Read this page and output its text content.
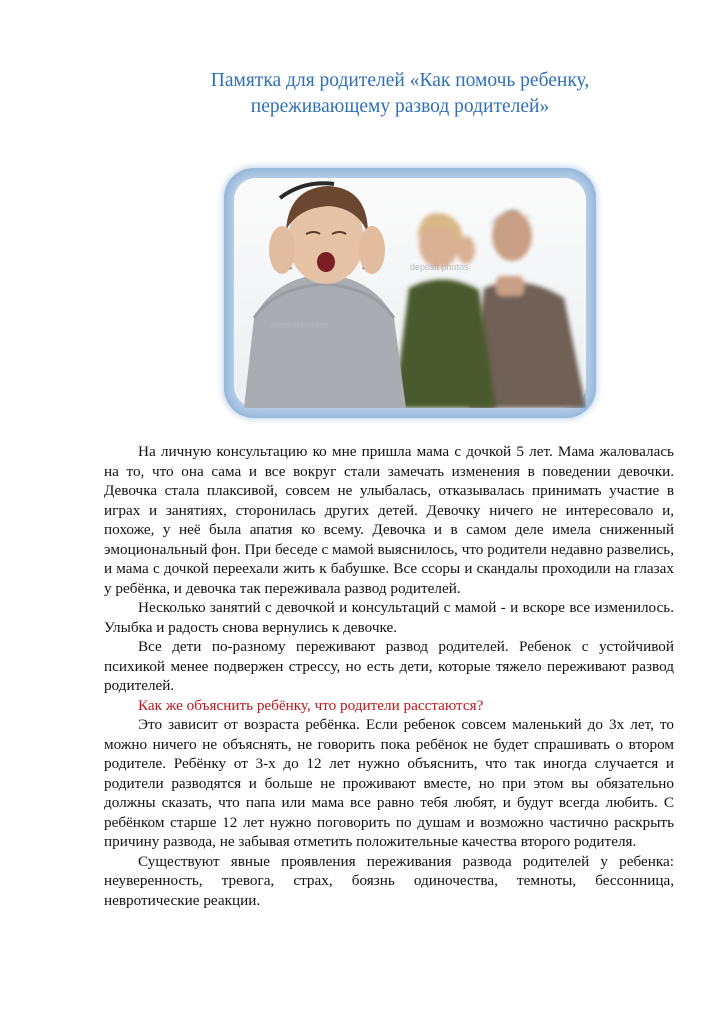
Памятка для родителей «Как помочь ребенку,
переживающему развод родителей»
deposit photos
deposit photos

На личную консультацию ко мне пришла мама с дочкой 5 лет. Мама жаловалась на то, что она сама и все вокруг стали замечать изменения в поведении девочки. Девочка стала плаксивой, совсем не улыбалась, отказывалась принимать участие в играх и занятиях, сторонилась других детей. Девочку ничего не интересовало и, похоже, у неё была апатия ко всему. Девочка и в самом деле имела сниженный эмоциональный фон. При беседе с мамой выяснилось, что родители недавно развелись, и мама с дочкой переехали жить к бабушке. Все ссоры и скандалы проходили на глазах у ребёнка, и девочка так переживала развод родителей.

Несколько занятий с девочкой и консультаций с мамой - и вскоре все изменилось. Улыбка и радость снова вернулись к девочке.

Все дети по-разному переживают развод родителей. Ребенок с устойчивой психикой менее подвержен стрессу, но есть дети, которые тяжело переживают развод родителей.

Как же объяснить ребёнку, что родители расстаются?

Это зависит от возраста ребёнка. Если ребенок совсем маленький до 3х лет, то можно ничего не объяснять, не говорить пока ребёнок не будет спрашивать о втором родителе. Ребёнку от 3-х до 12 лет нужно объяснить, что так иногда случается и родители разводятся и больше не проживают вместе, но при этом вы обязательно должны сказать, что папа или мама все равно тебя любят, и будут всегда любить. С ребёнком старше 12 лет нужно поговорить по душам и возможно частично раскрыть причину развода, не забывая отметить положительные качества второго родителя.

Существуют явные проявления переживания развода родителей у ребенка: неуверенность, тревога, страх, боязнь одиночества, темноты, бессонница, невротические реакции.
